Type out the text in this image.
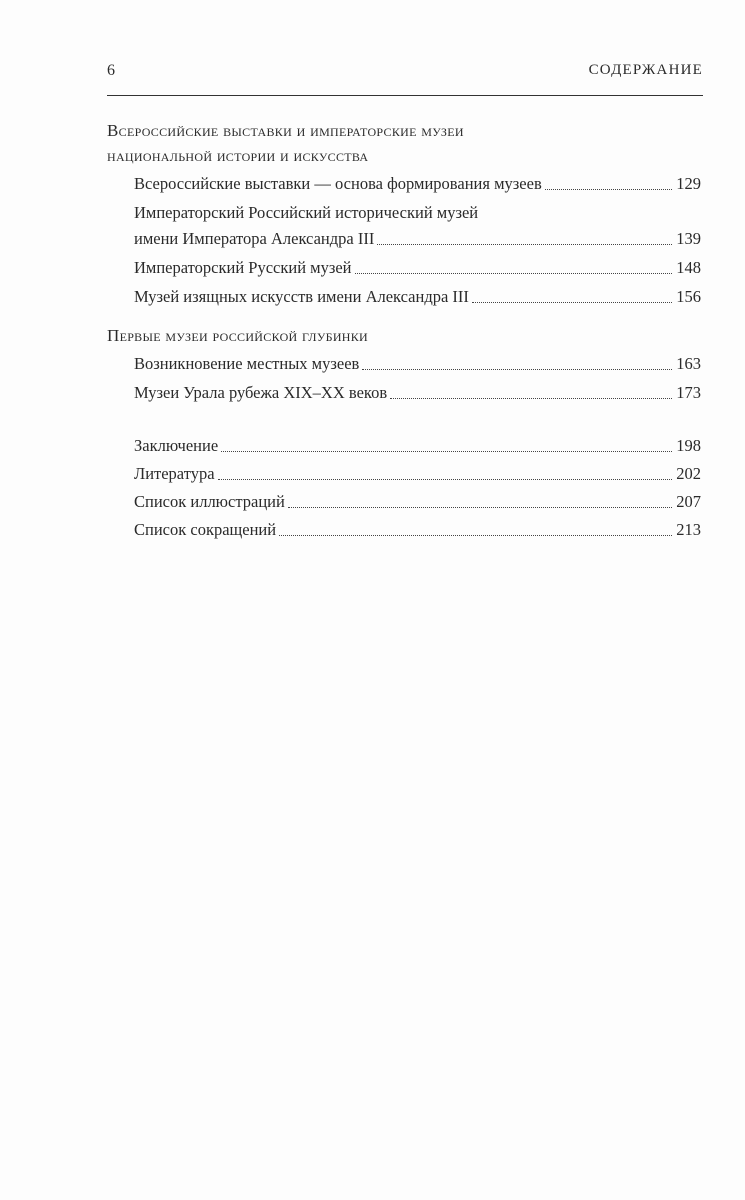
6	СОДЕРЖАНИЕ
Всероссийские выставки и императорские музеи
национальной истории и искусства
Всероссийские выставки — основа формирования музеев	129
Императорский Российский исторический музей
имени Императора Александра III	139
Императорский Русский музей	148
Музей изящных искусств имени Александра III	156
Первые музеи российской глубинки
Возникновение местных музеев	163
Музеи Урала рубежа XIX–XX веков	173
Заключение	198
Литература	202
Список иллюстраций	207
Список сокращений	213
